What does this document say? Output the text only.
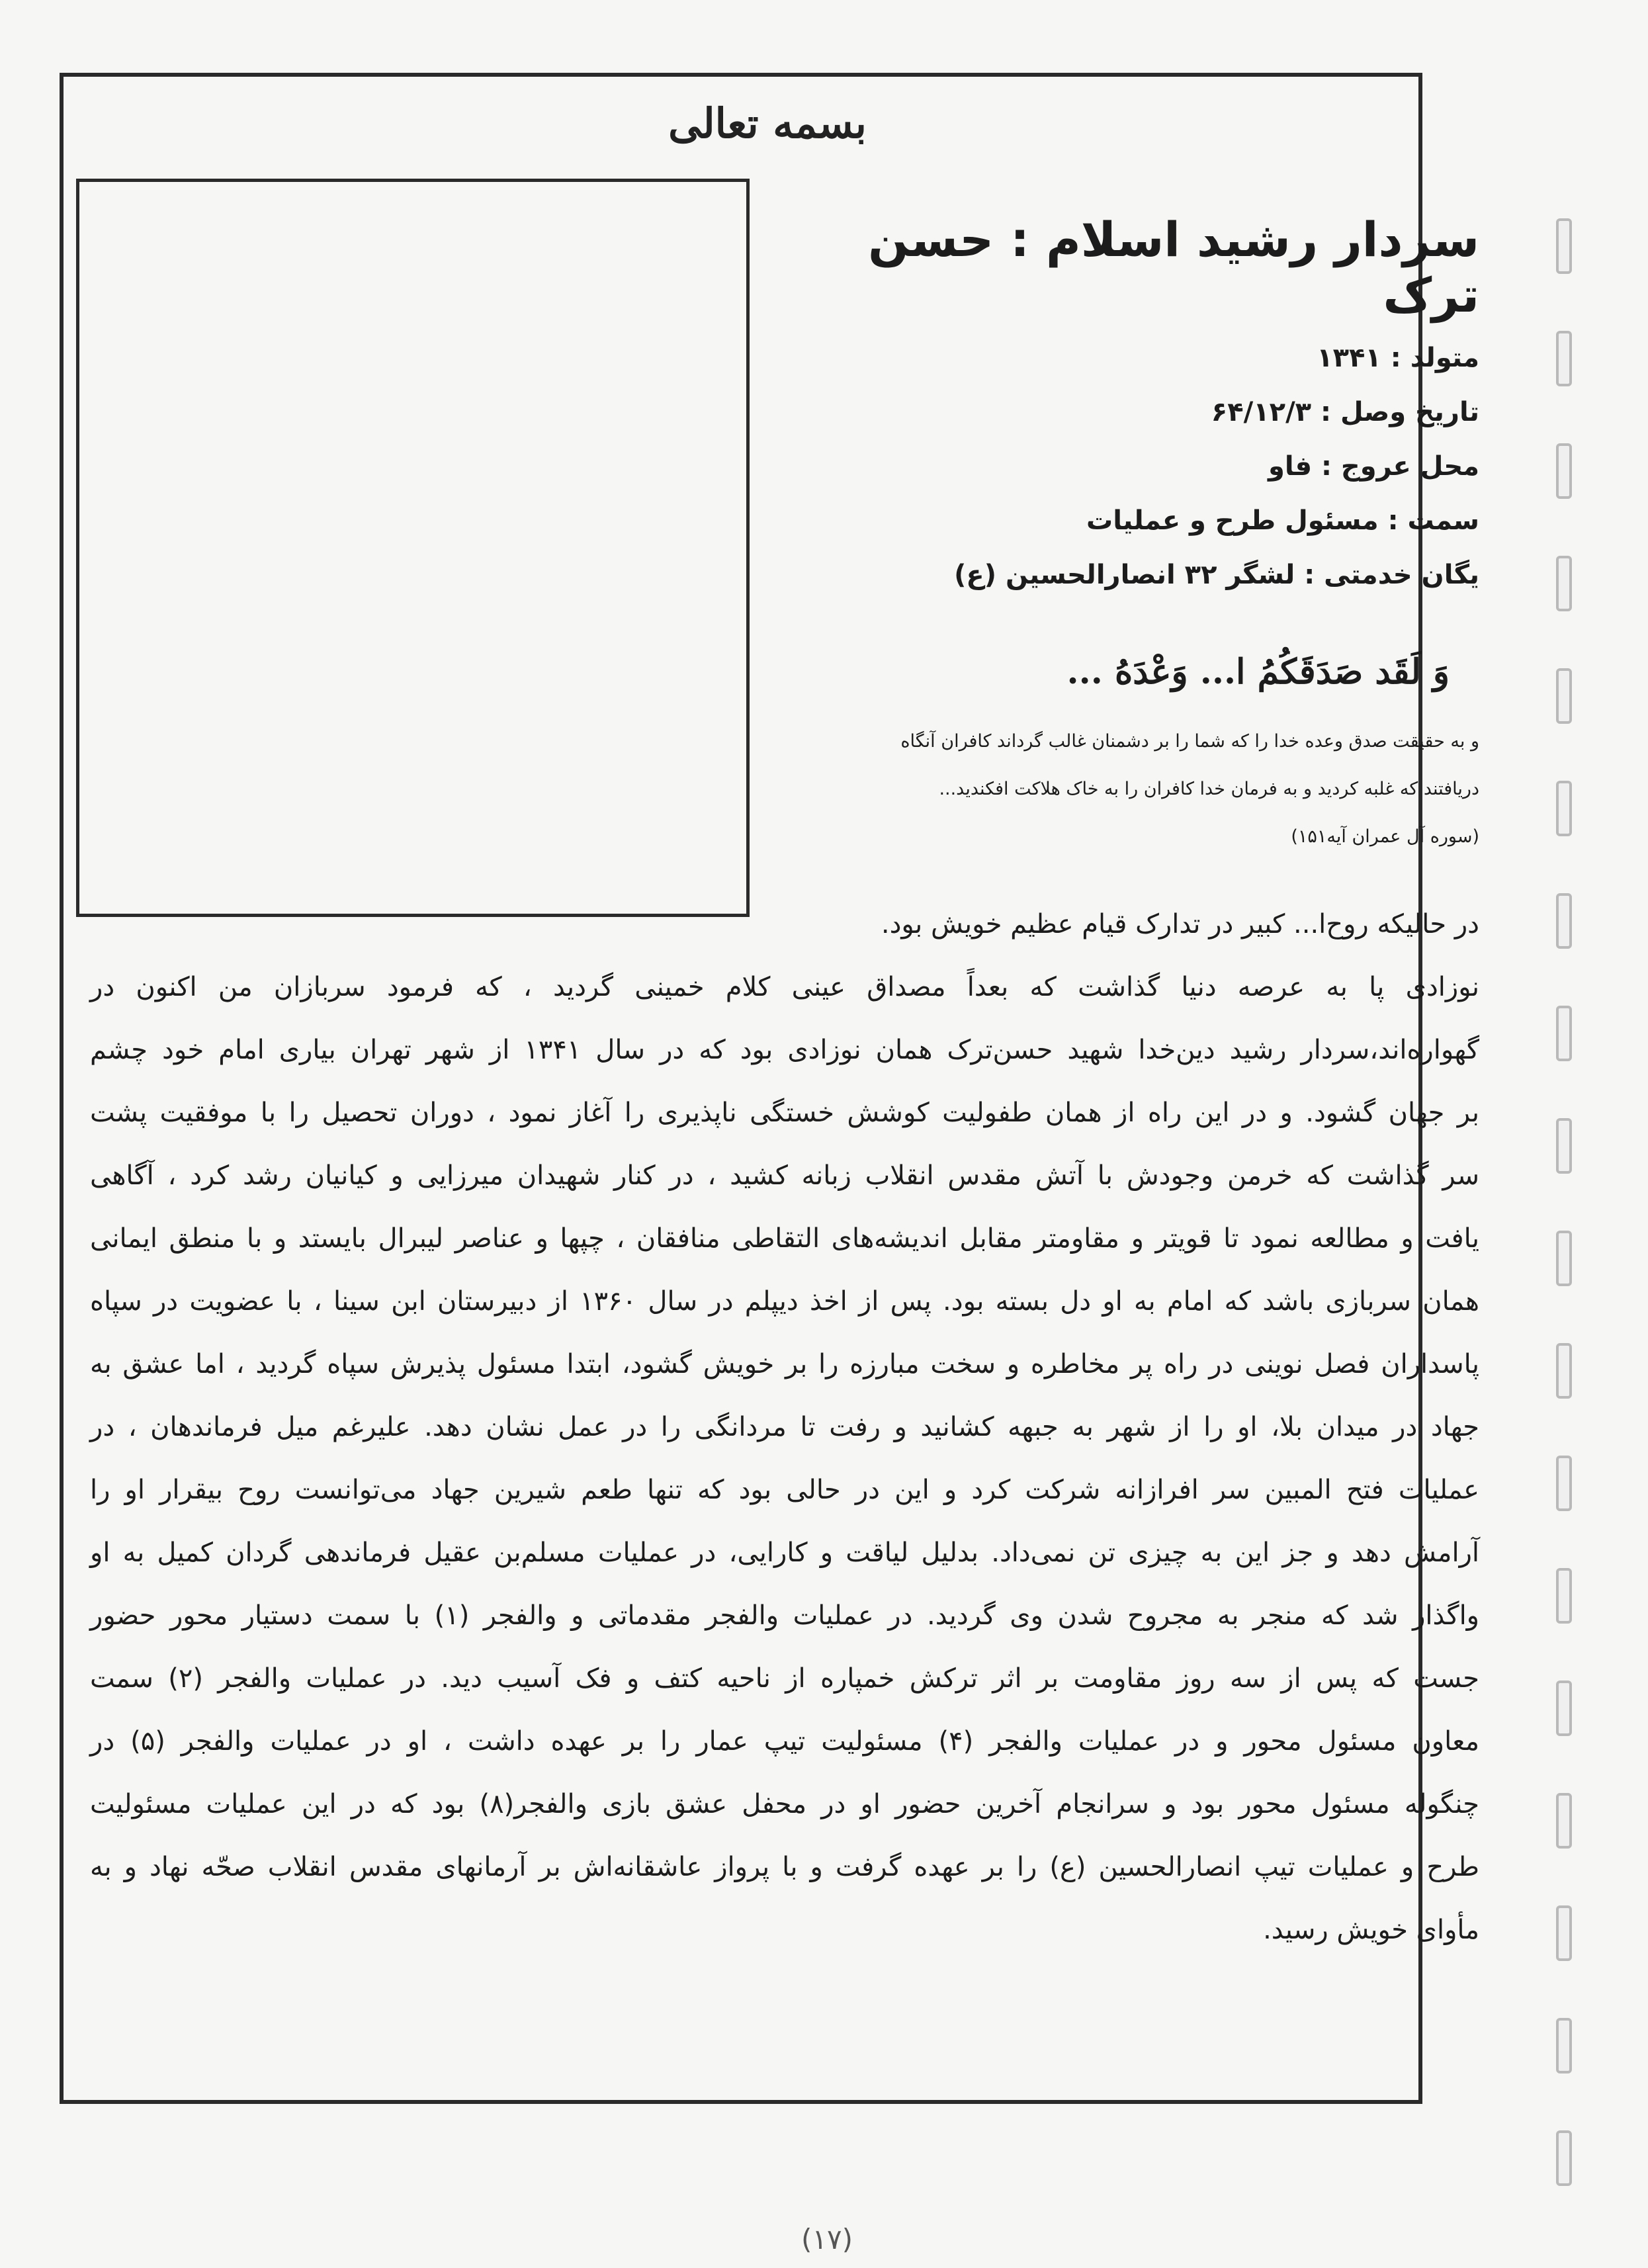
بسمه تعالی
سردار رشید اسلام : حسن ترک
متولد : ۱۳۴۱
تاریخ وصل : ۶۴/۱۲/۳
محل عروج : فاو
سمت : مسئول طرح و عملیات
یگان خدمتی : لشگر ۳۲ انصارالحسین (ع)
وَ لَقَد صَدَقَكُمُ ا... وَعْدَهُ ...
و به حقیقت صدق وعده خدا را که شما را بر دشمنان غالب گرداند کافران آنگاه
دریافتند که غلبه کردید و به فرمان خدا کافران را به خاک هلاکت افکندید...
(سوره آل عمران آیه۱۵۱)
در حالیکه روح‌ا... کبیر در تدارک قیام عظیم خویش بود.
نوزادی پا به عرصه دنیا گذاشت که بعداً مصداق عینی کلام خمینی گردید ، که فرمود سربازان من اکنون در
گهواره‌اند،سردار رشید دین‌خدا شهید حسن‌ترک همان نوزادی بود که در سال ۱۳۴۱ از شهر تهران بیاری امام خود چشم
بر جهان گشود. و در این راه از همان طفولیت کوشش خستگی ناپذیری را آغاز نمود ، دوران تحصیل را با موفقیت پشت
سر گذاشت که خرمن وجودش با آتش مقدس انقلاب زبانه کشید ، در کنار شهیدان میرزایی و کیانیان رشد کرد ، آگاهی
یافت و مطالعه نمود تا قویتر و مقاومتر مقابل اندیشه‌های التقاطی منافقان ، چپها و عناصر لیبرال بایستد و با منطق ایمانی
همان سربازی باشد که امام به او دل بسته بود. پس از اخذ دیپلم در سال ۱۳۶۰ از دبیرستان ابن سینا ، با عضویت در سپاه
پاسداران فصل نوینی در راه پر مخاطره و سخت مبارزه را بر خویش گشود، ابتدا مسئول پذیرش سپاه گردید ، اما عشق به
جهاد در میدان بلا، او را از شهر به جبهه کشانید و رفت تا مردانگی را در عمل نشان دهد. علیرغم میل فرماندهان ، در
عملیات فتح المبین سر افرازانه شرکت کرد و این در حالی بود که تنها طعم شیرین جهاد می‌توانست روح بیقرار او را
آرامش دهد و جز این به چیزی تن نمی‌داد. بدلیل لیاقت و کارایی، در عملیات مسلم‌بن عقیل فرماندهی گردان کمیل به او
واگذار شد که منجر به مجروح شدن وی گردید. در عملیات والفجر مقدماتی و والفجر (۱) با سمت دستیار محور حضور
جست که پس از سه روز مقاومت بر اثر ترکش خمپاره از ناحیه کتف و فک آسیب دید. در عملیات والفجر (۲) سمت
معاون مسئول محور و در عملیات والفجر (۴) مسئولیت تیپ عمار را بر عهده داشت ، او در عملیات والفجر (۵) در
چنگوله مسئول محور بود و سرانجام آخرین حضور او در محفل عشق بازی والفجر(۸) بود که در این عملیات مسئولیت
طرح و عملیات تیپ انصارالحسین (ع) را بر عهده گرفت و با پرواز عاشقانه‌اش بر آرمانهای مقدس انقلاب صحّه نهاد و به
مأوای خویش رسید.
(۱۷)
